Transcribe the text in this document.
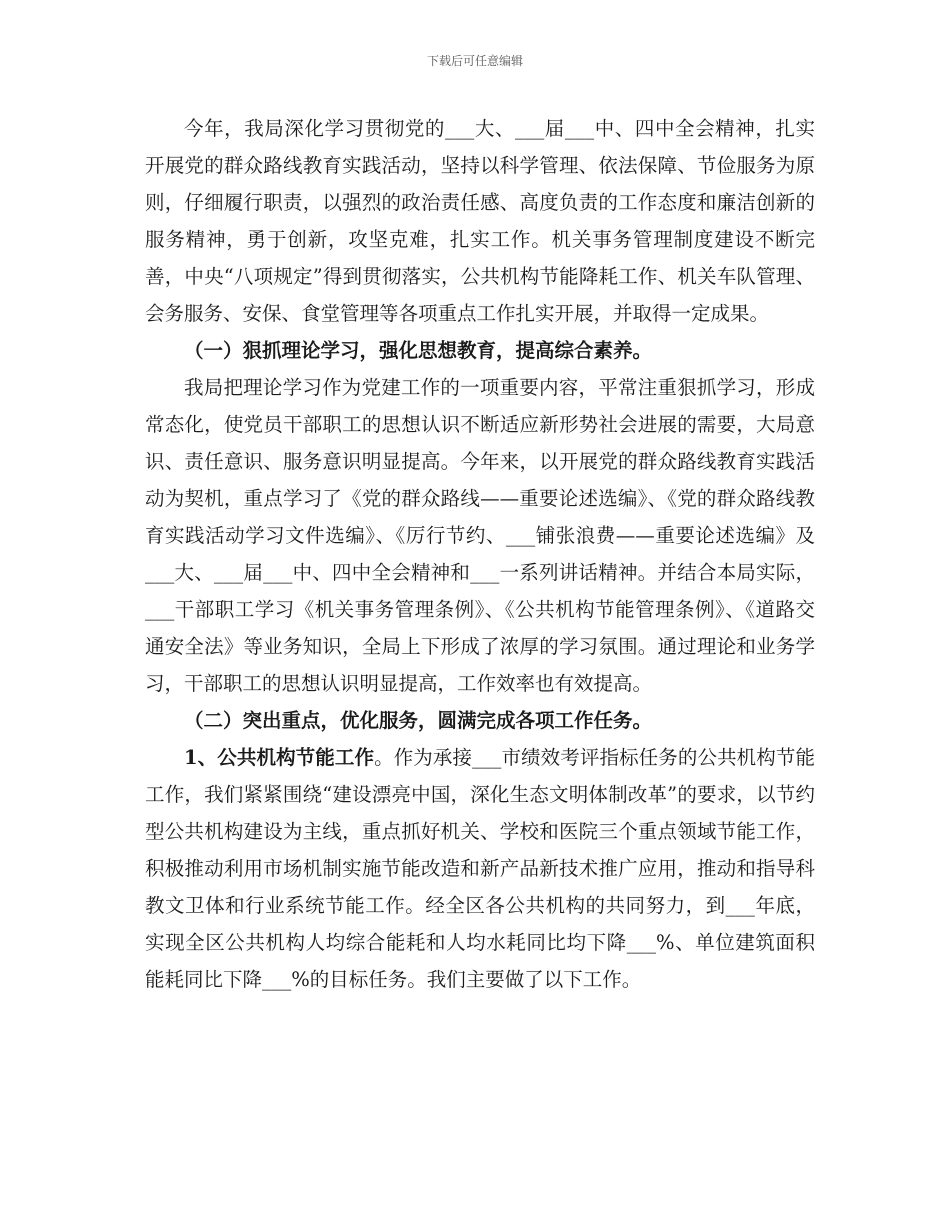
下载后可任意编辑

今年，我局深化学习贯彻党的___大、___届___中、四中全会精神，扎实开展党的群众路线教育实践活动，坚持以科学管理、依法保障、节俭服务为原则，仔细履行职责，以强烈的政治责任感、高度负责的工作态度和廉洁创新的服务精神，勇于创新，攻坚克难，扎实工作。机关事务管理制度建设不断完善，中央“八项规定”得到贯彻落实，公共机构节能降耗工作、机关车队管理、会务服务、安保、食堂管理等各项重点工作扎实开展，并取得一定成果。

（一）狠抓理论学习，强化思想教育，提高综合素养。

我局把理论学习作为党建工作的一项重要内容，平常注重狠抓学习，形成常态化，使党员干部职工的思想认识不断适应新形势社会进展的需要，大局意识、责任意识、服务意识明显提高。今年来，以开展党的群众路线教育实践活动为契机，重点学习了《党的群众路线——重要论述选编》、《党的群众路线教育实践活动学习文件选编》、《厉行节约、___铺张浪费——重要论述选编》及___大、___届___中、四中全会精神和___一系列讲话精神。并结合本局实际，___干部职工学习《机关事务管理条例》、《公共机构节能管理条例》、《道路交通安全法》等业务知识，全局上下形成了浓厚的学习氛围。通过理论和业务学习，干部职工的思想认识明显提高，工作效率也有效提高。

（二）突出重点，优化服务，圆满完成各项工作任务。

1、公共机构节能工作。作为承接___市绩效考评指标任务的公共机构节能工作，我们紧紧围绕“建设漂亮中国，深化生态文明体制改革”的要求，以节约型公共机构建设为主线，重点抓好机关、学校和医院三个重点领域节能工作，积极推动利用市场机制实施节能改造和新产品新技术推广应用，推动和指导科教文卫体和行业系统节能工作。经全区各公共机构的共同努力，到___年底，实现全区公共机构人均综合能耗和人均水耗同比均下降___%、单位建筑面积能耗同比下降___%的目标任务。我们主要做了以下工作。
